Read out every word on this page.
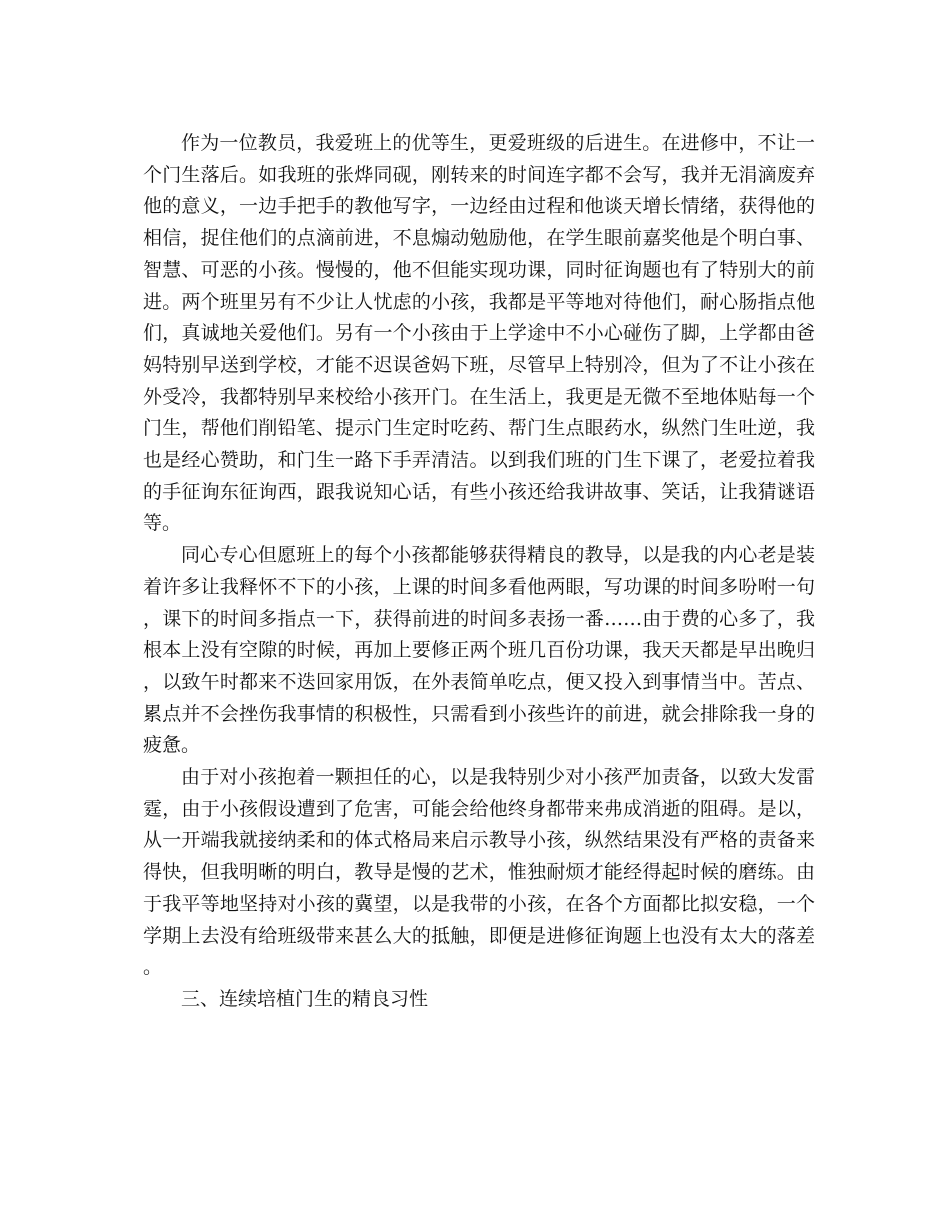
作为一位教员，我爱班上的优等生，更爱班级的后进生。在进修中，不让一个门生落后。如我班的张烨同砚，刚转来的时间连字都不会写，我并无涓滴废弃他的意义，一边手把手的教他写字，一边经由过程和他谈天增长情绪，获得他的相信，捉住他们的点滴前进，不息煽动勉励他，在学生眼前嘉奖他是个明白事、智慧、可恶的小孩。慢慢的，他不但能实现功课，同时征询题也有了特别大的前进。两个班里另有不少让人忧虑的小孩，我都是平等地对待他们，耐心肠指点他们，真诚地关爱他们。另有一个小孩由于上学途中不小心碰伤了脚，上学都由爸妈特别早送到学校，才能不迟误爸妈下班，尽管早上特别冷，但为了不让小孩在外受冷，我都特别早来校给小孩开门。在生活上，我更是无微不至地体贴每一个门生，帮他们削铅笔、提示门生定时吃药、帮门生点眼药水，纵然门生吐逆，我也是经心赞助，和门生一路下手弄清洁。以到我们班的门生下课了，老爱拉着我的手征询东征询西，跟我说知心话，有些小孩还给我讲故事、笑话，让我猜谜语等。

同心专心但愿班上的每个小孩都能够获得精良的教导，以是我的内心老是装着许多让我释怀不下的小孩，上课的时间多看他两眼，写功课的时间多吩咐一句，课下的时间多指点一下，获得前进的时间多表扬一番……由于费的心多了，我根本上没有空隙的时候，再加上要修正两个班几百份功课，我天天都是早出晚归，以致午时都来不迭回家用饭，在外表简单吃点，便又投入到事情当中。苦点、累点并不会挫伤我事情的积极性，只需看到小孩些许的前进，就会排除我一身的疲惫。

由于对小孩抱着一颗担任的心，以是我特别少对小孩严加责备，以致大发雷霆，由于小孩假设遭到了危害，可能会给他终身都带来弗成消逝的阻碍。是以，从一开端我就接纳柔和的体式格局来启示教导小孩，纵然结果没有严格的责备来得快，但我明晰的明白，教导是慢的艺术，惟独耐烦才能经得起时候的磨练。由于我平等地坚持对小孩的冀望，以是我带的小孩，在各个方面都比拟安稳，一个学期上去没有给班级带来甚么大的抵触，即便是进修征询题上也没有太大的落差。

三、连续培植门生的精良习性
